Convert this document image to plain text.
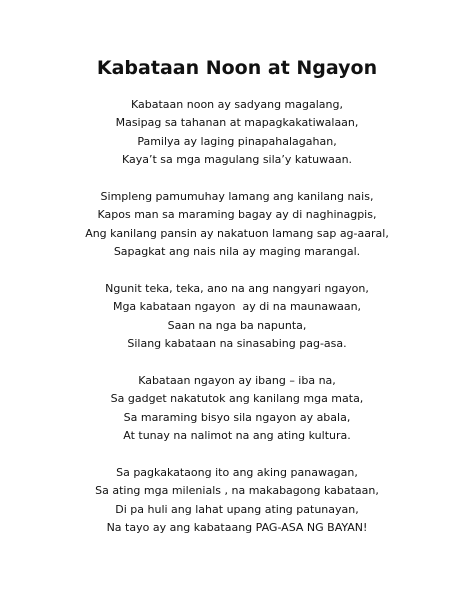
Kabataan Noon at Ngayon
Kabataan noon ay sadyang magalang,
Masipag sa tahanan at mapagkakatiwalaan,
Pamilya ay laging pinapahalagahan,
Kaya’t sa mga magulang sila’y katuwaan.
Simpleng pamumuhay lamang ang kanilang nais,
Kapos man sa maraming bagay ay di naghinagpis,
Ang kanilang pansin ay nakatuon lamang sap ag-aaral,
Sapagkat ang nais nila ay maging marangal.
Ngunit teka, teka, ano na ang nangyari ngayon,
Mga kabataan ngayon  ay di na maunawaan,
Saan na nga ba napunta,
Silang kabataan na sinasabing pag-asa.
Kabataan ngayon ay ibang – iba na,
Sa gadget nakatutok ang kanilang mga mata,
Sa maraming bisyo sila ngayon ay abala,
At tunay na nalimot na ang ating kultura.
Sa pagkakataong ito ang aking panawagan,
Sa ating mga milenials , na makabagong kabataan,
Di pa huli ang lahat upang ating patunayan,
Na tayo ay ang kabataang PAG-ASA NG BAYAN!
